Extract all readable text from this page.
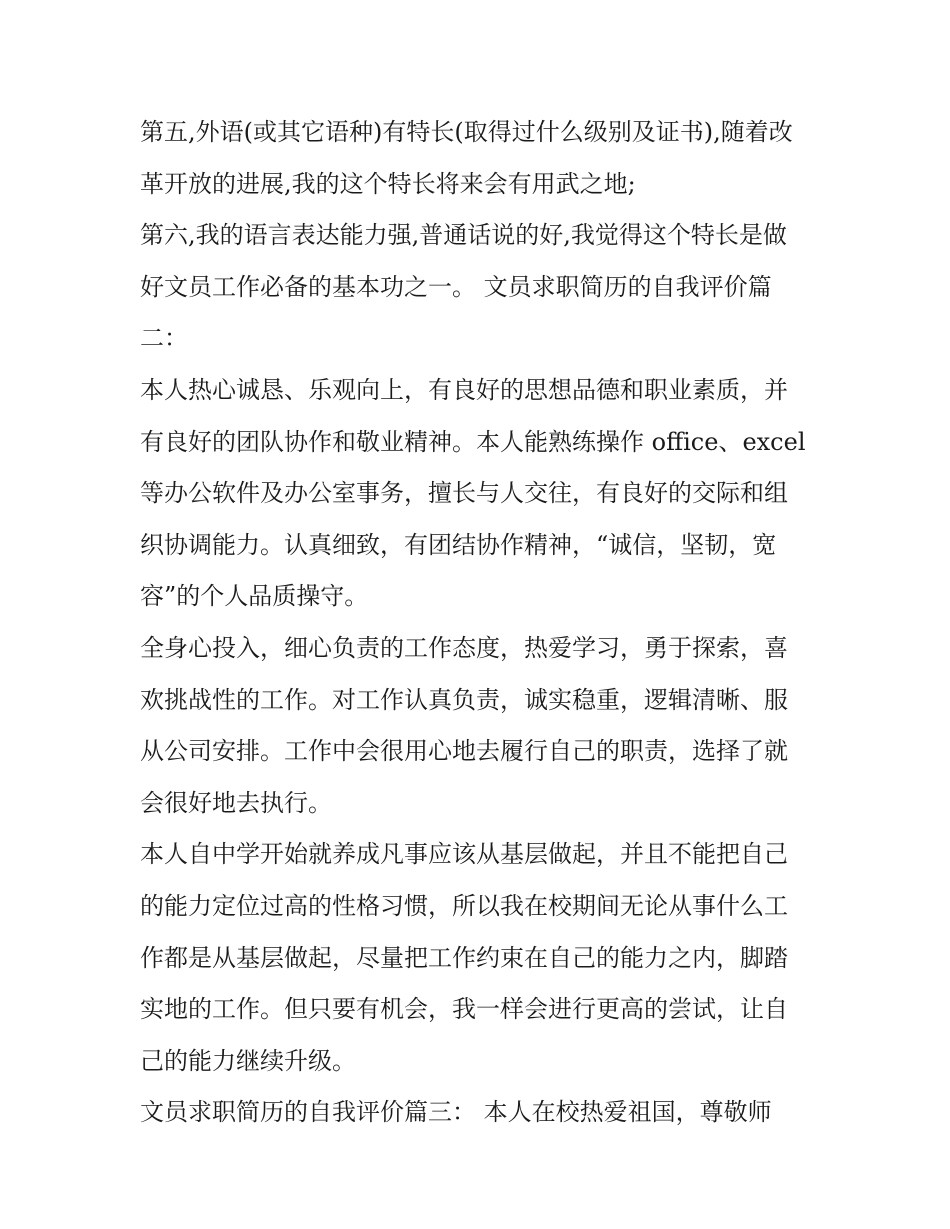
第五,外语(或其它语种)有特长(取得过什么级别及证书),随着改
革开放的进展,我的这个特长将来会有用武之地;
第六,我的语言表达能力强,普通话说的好,我觉得这个特长是做
好文员工作必备的基本功之一。 文员求职简历的自我评价篇
二：
本人热心诚恳、乐观向上，有良好的思想品德和职业素质，并
有良好的团队协作和敬业精神。本人能熟练操作 office、excel
等办公软件及办公室事务，擅长与人交往，有良好的交际和组
织协调能力。认真细致，有团结协作精神，“诚信，坚韧，宽
容”的个人品质操守。
全身心投入，细心负责的工作态度，热爱学习，勇于探索，喜
欢挑战性的工作。对工作认真负责，诚实稳重，逻辑清晰、服
从公司安排。工作中会很用心地去履行自己的职责，选择了就
会很好地去执行。
本人自中学开始就养成凡事应该从基层做起，并且不能把自己
的能力定位过高的性格习惯，所以我在校期间无论从事什么工
作都是从基层做起，尽量把工作约束在自己的能力之内，脚踏
实地的工作。但只要有机会，我一样会进行更高的尝试，让自
己的能力继续升级。
文员求职简历的自我评价篇三： 本人在校热爱祖国，尊敬师
